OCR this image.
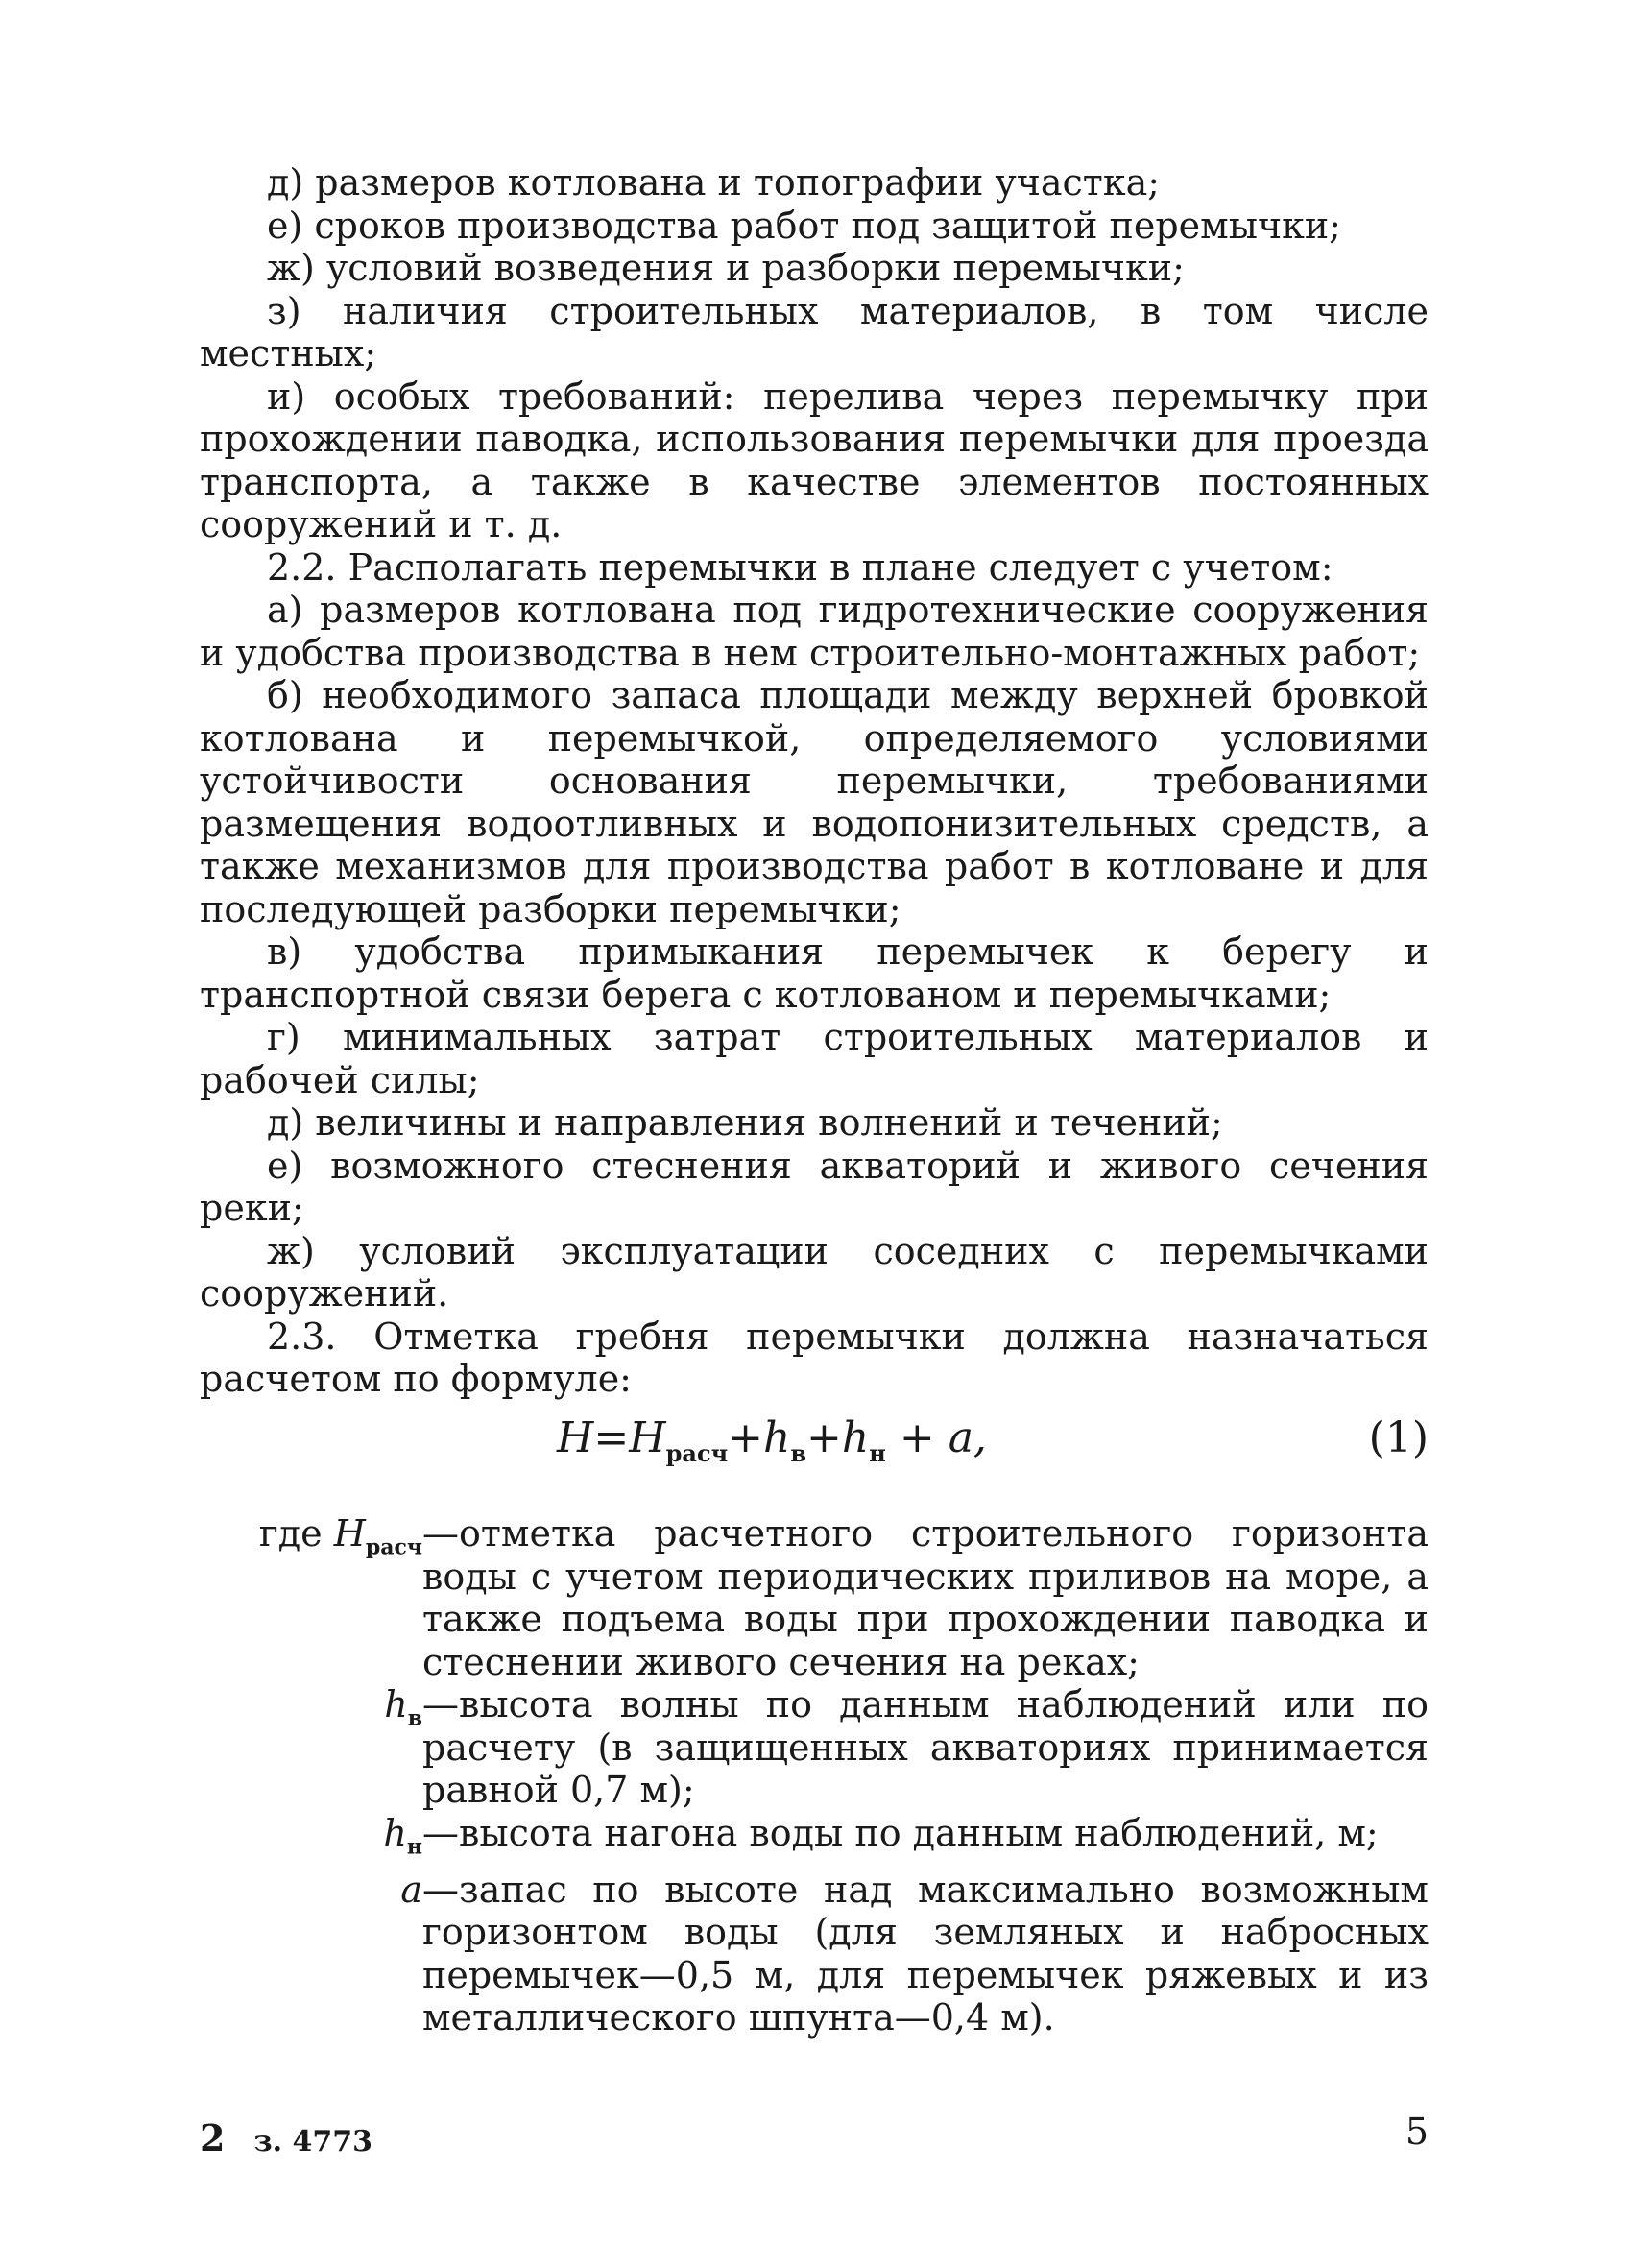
д) размеров котлована и топографии участка;

е) сроков производства работ под защитой перемычки;

ж) условий возведения и разборки перемычки;

з) наличия строительных материалов, в том числе местных;

и) особых требований: перелива через перемычку при прохождении паводка, использования перемычки для проезда транспорта, а также в качестве элементов постоянных сооружений и т. д.

2.2. Располагать перемычки в плане следует с учетом:

а) размеров котлована под гидротехнические сооружения и удобства производства в нем строительно-монтажных работ;

б) необходимого запаса площади между верхней бровкой котлована и перемычкой, определяемого условиями устойчивости основания перемычки, требованиями размещения водоотливных и водопонизительных средств, а также механизмов для производства работ в котловане и для последующей разборки перемычки;

в) удобства примыкания перемычек к берегу и транспортной связи берега с котлованом и перемычками;

г) минимальных затрат строительных материалов и рабочей силы;

д) величины и направления волнений и течений;

е) возможного стеснения акваторий и живого сечения реки;

ж) условий эксплуатации соседних с перемычками сооружений.

2.3. Отметка гребня перемычки должна назначаться расчетом по формуле:

$H=H_{расч}+h_в+h_н + a$,	(1)
где $H_{расч}$ —отметка расчетного строительного горизонта воды с учетом периодических приливов на море, а также подъема воды при прохождении паводка и стеснении живого сечения на реках;
$h_в$ —высота волны по данным наблюдений или по расчету (в защищенных акваториях принимается равной 0,7 м);
$h_н$ —высота нагона воды по данным наблюдений, м;
a —запас по высоте над максимально возможным горизонтом воды (для земляных и набросных перемычек—0,5 м, для перемычек ряжевых и из металлического шпунта—0,4 м).
2 з. 4773	5
